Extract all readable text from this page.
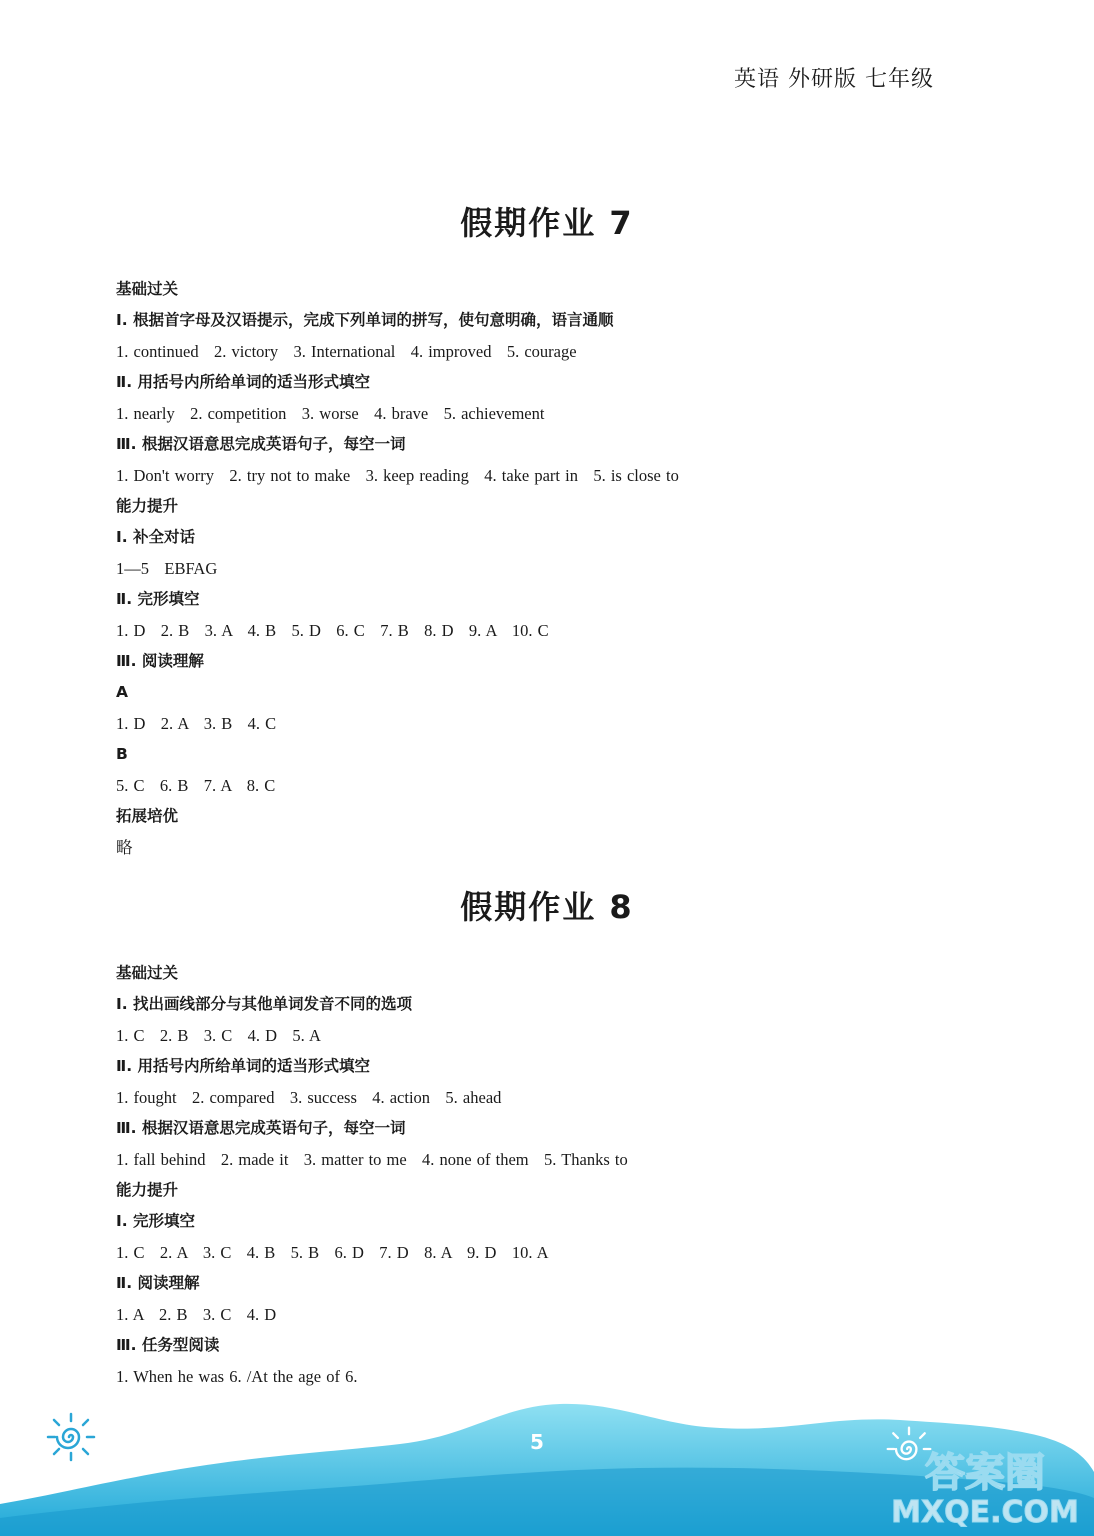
英语 外研版 七年级
假期作业 7
基础过关
Ⅰ. 根据首字母及汉语提示，完成下列单词的拼写，使句意明确，语言通顺
1. continued   2. victory   3. International   4. improved   5. courage
Ⅱ. 用括号内所给单词的适当形式填空
1. nearly   2. competition   3. worse   4. brave   5. achievement
Ⅲ. 根据汉语意思完成英语句子，每空一词
1. Don't worry   2. try not to make   3. keep reading   4. take part in   5. is close to
能力提升
Ⅰ. 补全对话
1—5   EBFAG
Ⅱ. 完形填空
1. D   2. B   3. A   4. B   5. D   6. C   7. B   8. D   9. A   10. C
Ⅲ. 阅读理解
A
1. D   2. A   3. B   4. C
B
5. C   6. B   7. A   8. C
拓展培优
略
假期作业 8
基础过关
Ⅰ. 找出画线部分与其他单词发音不同的选项
1. C   2. B   3. C   4. D   5. A
Ⅱ. 用括号内所给单词的适当形式填空
1. fought   2. compared   3. success   4. action   5. ahead
Ⅲ. 根据汉语意思完成英语句子，每空一词
1. fall behind   2. made it   3. matter to me   4. none of them   5. Thanks to
能力提升
Ⅰ. 完形填空
1. C   2. A   3. C   4. B   5. B   6. D   7. D   8. A   9. D   10. A
Ⅱ. 阅读理解
1. A   2. B   3. C   4. D
Ⅲ. 任务型阅读
1. When he was 6. /At the age of 6.
5
答案圈
MXQE.COM
